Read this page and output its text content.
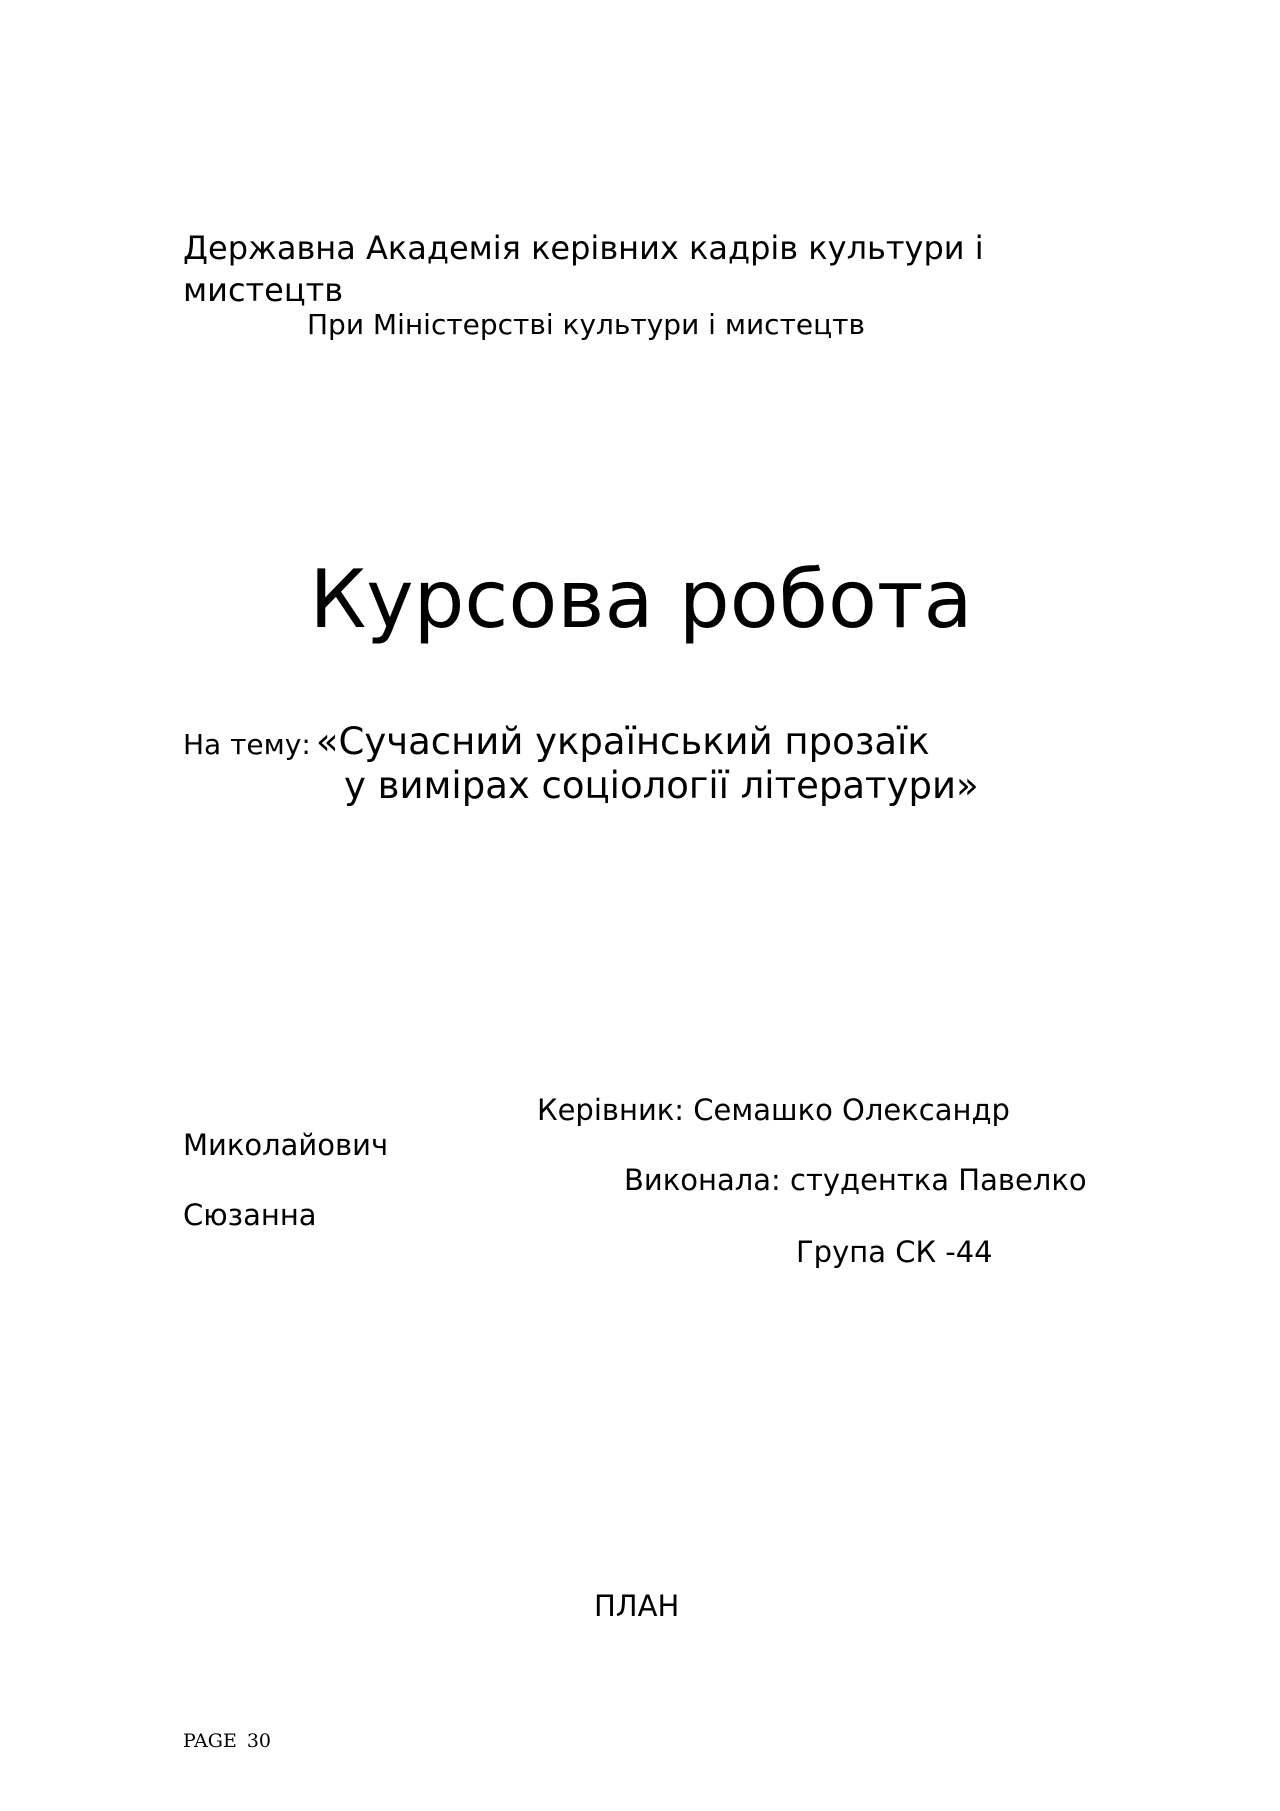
Державна Академія керівних кадрів культури і
мистецтв
При Міністерстві культури і мистецтв
Курсова робота
На тему: «Сучасний український прозаїк
у вимірах соціології літератури»
Керівник: Семашко Олександр
Миколайович
Виконала: студентка Павелко
Сюзанна
Група СК -44
ПЛАН
PAGE 30
